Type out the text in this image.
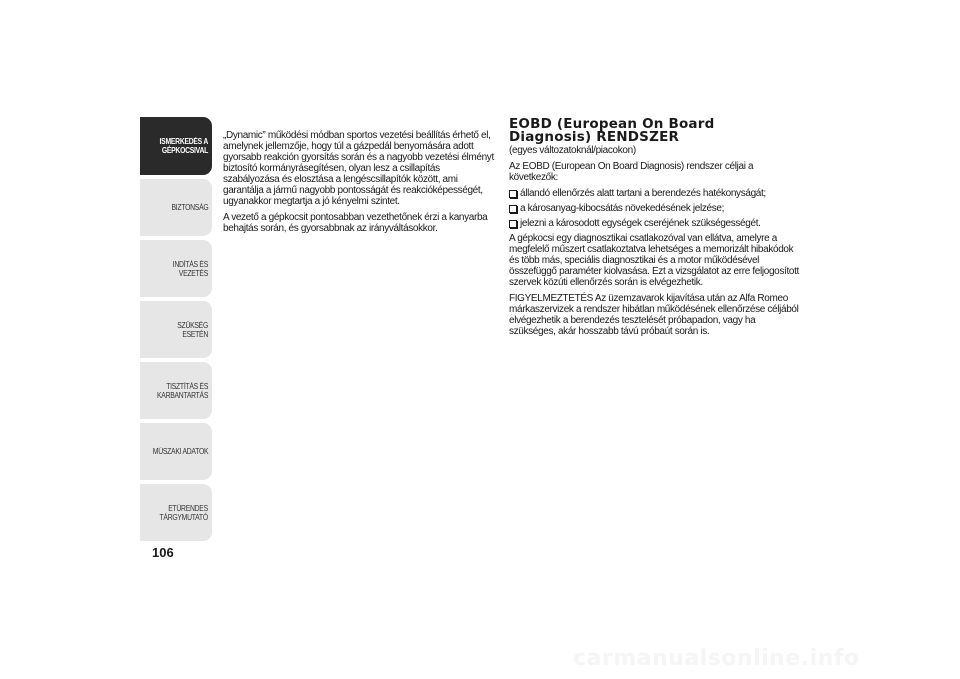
ISMERKEDÉS A
GÉPKOCSIVAL
BIZTONSÁG
INDÍTÁS ÉS VEZETÉS
SZÜKSÉG ESETÉN
TISZTÍTÁS ÉS
KARBANTARTÁS
MŰSZAKI ADATOK
ETŰRENDES
TÁRGYMUTATÓ
106

„Dynamic” működési módban sportos vezetési beállítás érhető el, amelynek jellemzője, hogy túl a gázpedál benyomására adott gyorsabb reakción gyorsítás során és a nagyobb vezetési élményt biztosító kormányrásegítésen, olyan lesz a csillapítás szabályozása és elosztása a lengéscsillapítók között, ami garantálja a jármű nagyobb pontosságát és reakcióképességét, ugyanakkor megtartja a jó kényelmi szintet.

A vezető a gépkocsit pontosabban vezethetőnek érzi a kanyarba behajtás során, és gyorsabbnak az irányváltásokkor.

EOBD (European On Board Diagnosis) RENDSZER

(egyes változatoknál/piacokon)

Az EOBD (European On Board Diagnosis) rendszer céljai a következők:

állandó ellenőrzés alatt tartani a berendezés hatékonyságát;
a károsanyag-kibocsátás növekedésének jelzése;
jelezni a károsodott egységek cseréjének szükségességét.

A gépkocsi egy diagnosztikai csatlakozóval van ellátva, amelyre a megfelelő műszert csatlakoztatva lehetséges a memorizált hibakódok és több más, speciális diagnosztikai és a motor működésével összefüggő paraméter kiolvasása. Ezt a vizsgálatot az erre feljogosított szervek közúti ellenőrzés során is elvégezhetik.

FIGYELMEZTETÉS Az üzemzavarok kijavítása után az Alfa Romeo márkaszervizek a rendszer hibátlan működésének ellenőrzése céljából elvégezhetik a berendezés tesztelését próbapadon, vagy ha szükséges, akár hosszabb távú próbaút során is.

carmanualsonline.info
